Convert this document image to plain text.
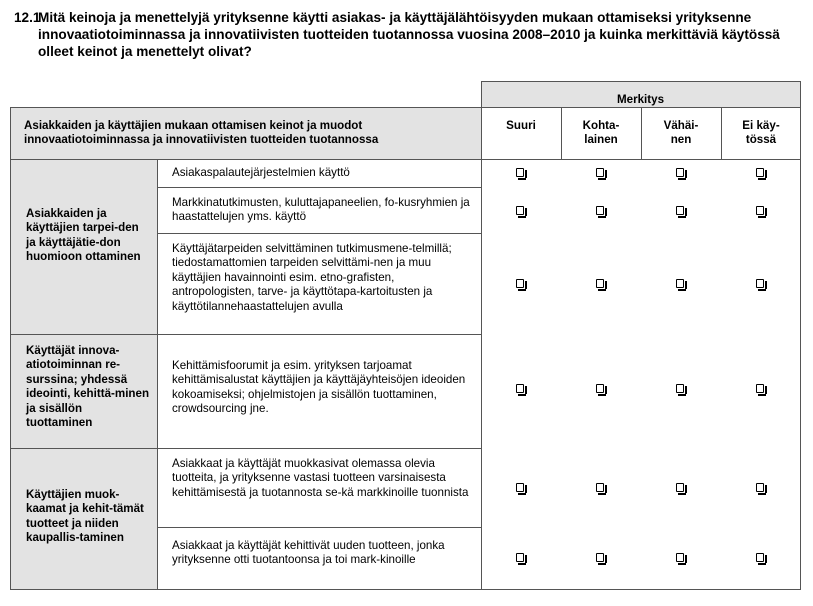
12.1
Mitä keinoja ja menettelyjä yrityksenne käytti asiakas- ja käyttäjälähtöisyyden mukaan ottamiseksi yrityksenne innovaatiotoiminnassa ja innovatiivisten tuotteiden tuotannossa vuosina 2008–2010 ja kuinka merkittäviä käytössä olleet keinot ja menettelyt olivat?
Merkitys
Asiakkaiden ja käyttäjien mukaan ottamisen keinot ja muodot innovaatiotoiminnassa ja innovatiivisten tuotteiden tuotannossa
Suuri	Kohta-
lainen
Vähäi-
nen
Ei käy-
tössä
Asiakkaiden ja käyttäjien tarpei-den ja käyttäjätie-don huomioon ottaminen
Käyttäjät innova-atiotoiminnan re-surssina; yhdessä ideointi, kehittä-minen ja sisällön tuottaminen
Käyttäjien muok-kaamat ja kehit-tämät tuotteet ja niiden kaupallis-taminen
Asiakaspalautejärjestelmien käyttö
Markkinatutkimusten, kuluttajapaneelien, fo-kusryhmien ja haastattelujen yms. käyttö
Käyttäjätarpeiden selvittäminen tutkimusmene-telmillä; tiedostamattomien tarpeiden selvittämi-nen ja muu käyttäjien havainnointi esim. etno-grafisten, antropologisten, tarve- ja käyttötapa-kartoitusten ja käyttötilannehaastattelujen avulla
Kehittämisfoorumit ja esim. yrityksen tarjoamat kehittämisalustat käyttäjien ja käyttäjäyhteisöjen ideoiden kokoamiseksi; ohjelmistojen ja sisällön tuottaminen, crowdsourcing jne.
Asiakkaat ja käyttäjät muokkasivat olemassa olevia tuotteita, ja yrityksenne vastasi tuotteen varsinaisesta kehittämisestä ja tuotannosta se-kä markkinoille tuonnista
Asiakkaat ja käyttäjät kehittivät uuden tuotteen, jonka yrityksenne otti tuotantoonsa ja toi mark-kinoille
